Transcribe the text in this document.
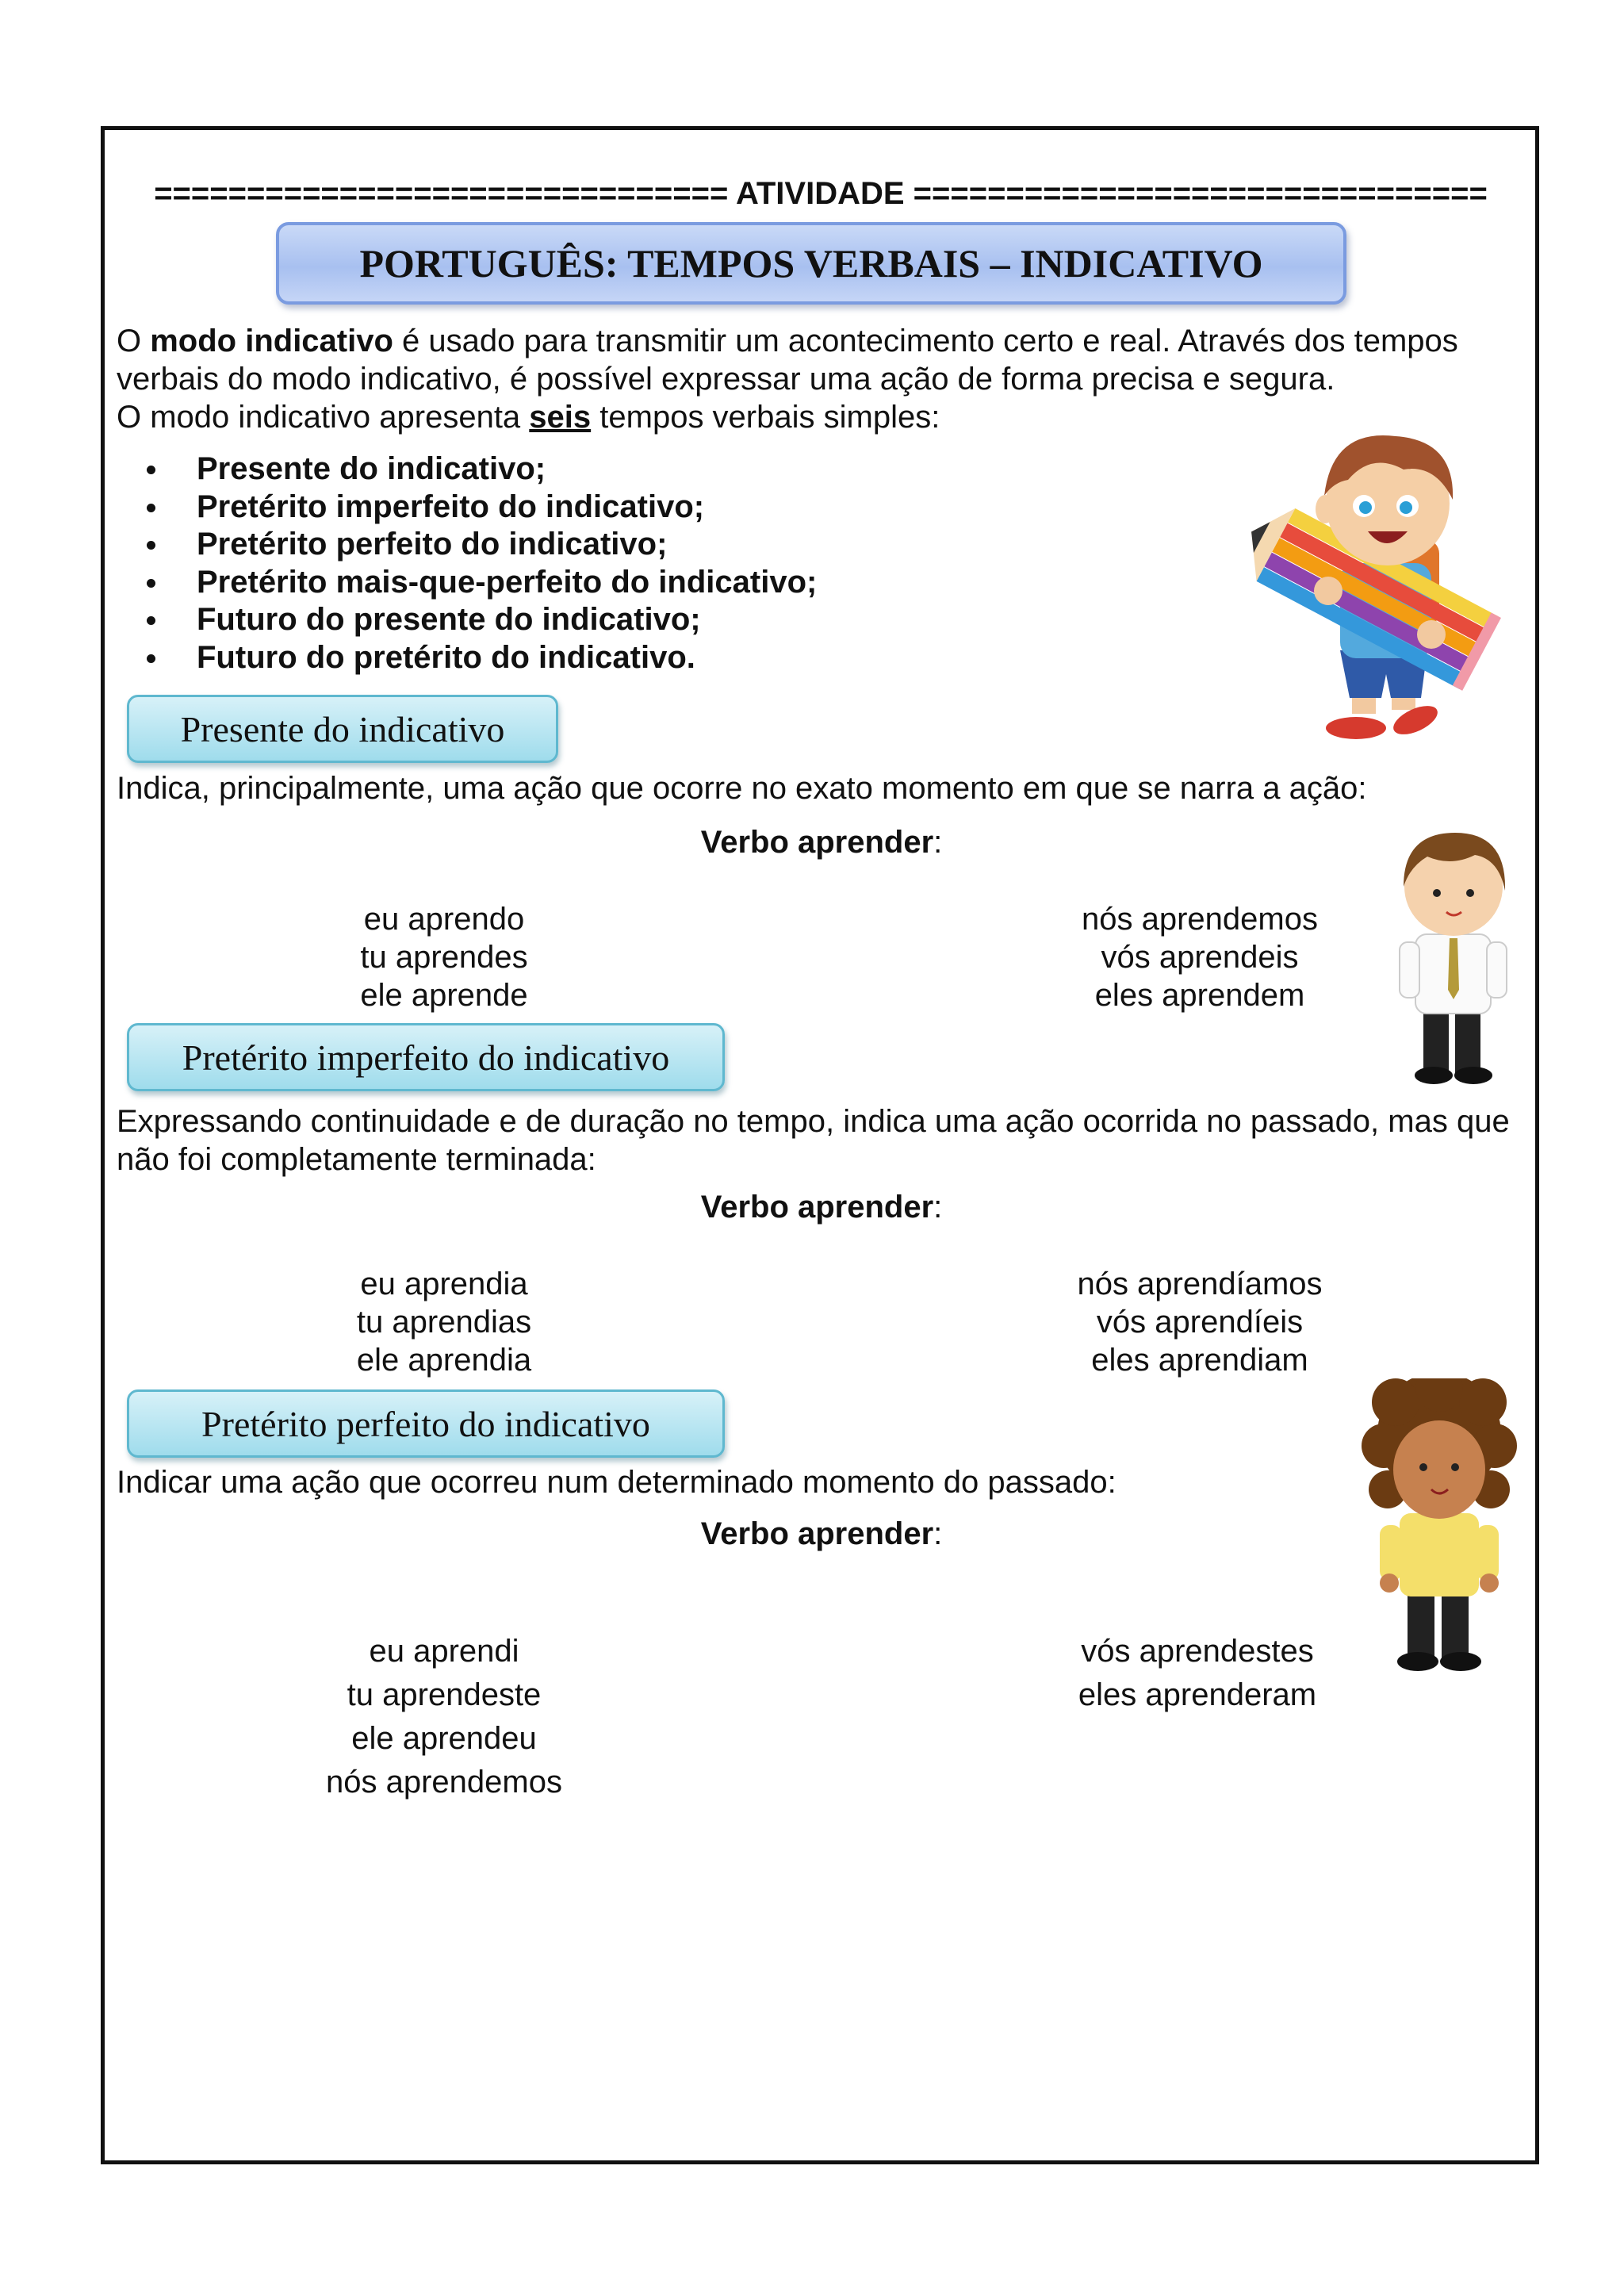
=============================== ATIVIDADE ===============================
PORTUGUÊS: TEMPOS VERBAIS – INDICATIVO
O modo indicativo é usado para transmitir um acontecimento certo e real. Através dos tempos verbais do modo indicativo, é possível expressar uma ação de forma precisa e segura.
O modo indicativo apresenta seis tempos verbais simples:
Presente do indicativo;
Pretérito imperfeito do indicativo;
Pretérito perfeito do indicativo;
Pretérito mais-que-perfeito do indicativo;
Futuro do presente do indicativo;
Futuro do pretérito do indicativo.
Presente do indicativo
Indica, principalmente, uma ação que ocorre no exato momento em que se narra a ação:
Verbo aprender:
eu aprendo
tu aprendes
ele aprende
nós aprendemos
vós aprendeis
eles aprendem
Pretérito imperfeito do indicativo
Expressando continuidade e de duração no tempo, indica uma ação ocorrida no passado, mas que não foi completamente terminada:
Verbo aprender:
eu aprendia
tu aprendias
ele aprendia
nós aprendíamos
vós aprendíeis
eles aprendiam
Pretérito perfeito do indicativo
Indicar uma ação que ocorreu num determinado momento do passado:
Verbo aprender:
eu aprendi
tu aprendeste
ele aprendeu
nós aprendemos
vós aprendestes
eles aprenderam
